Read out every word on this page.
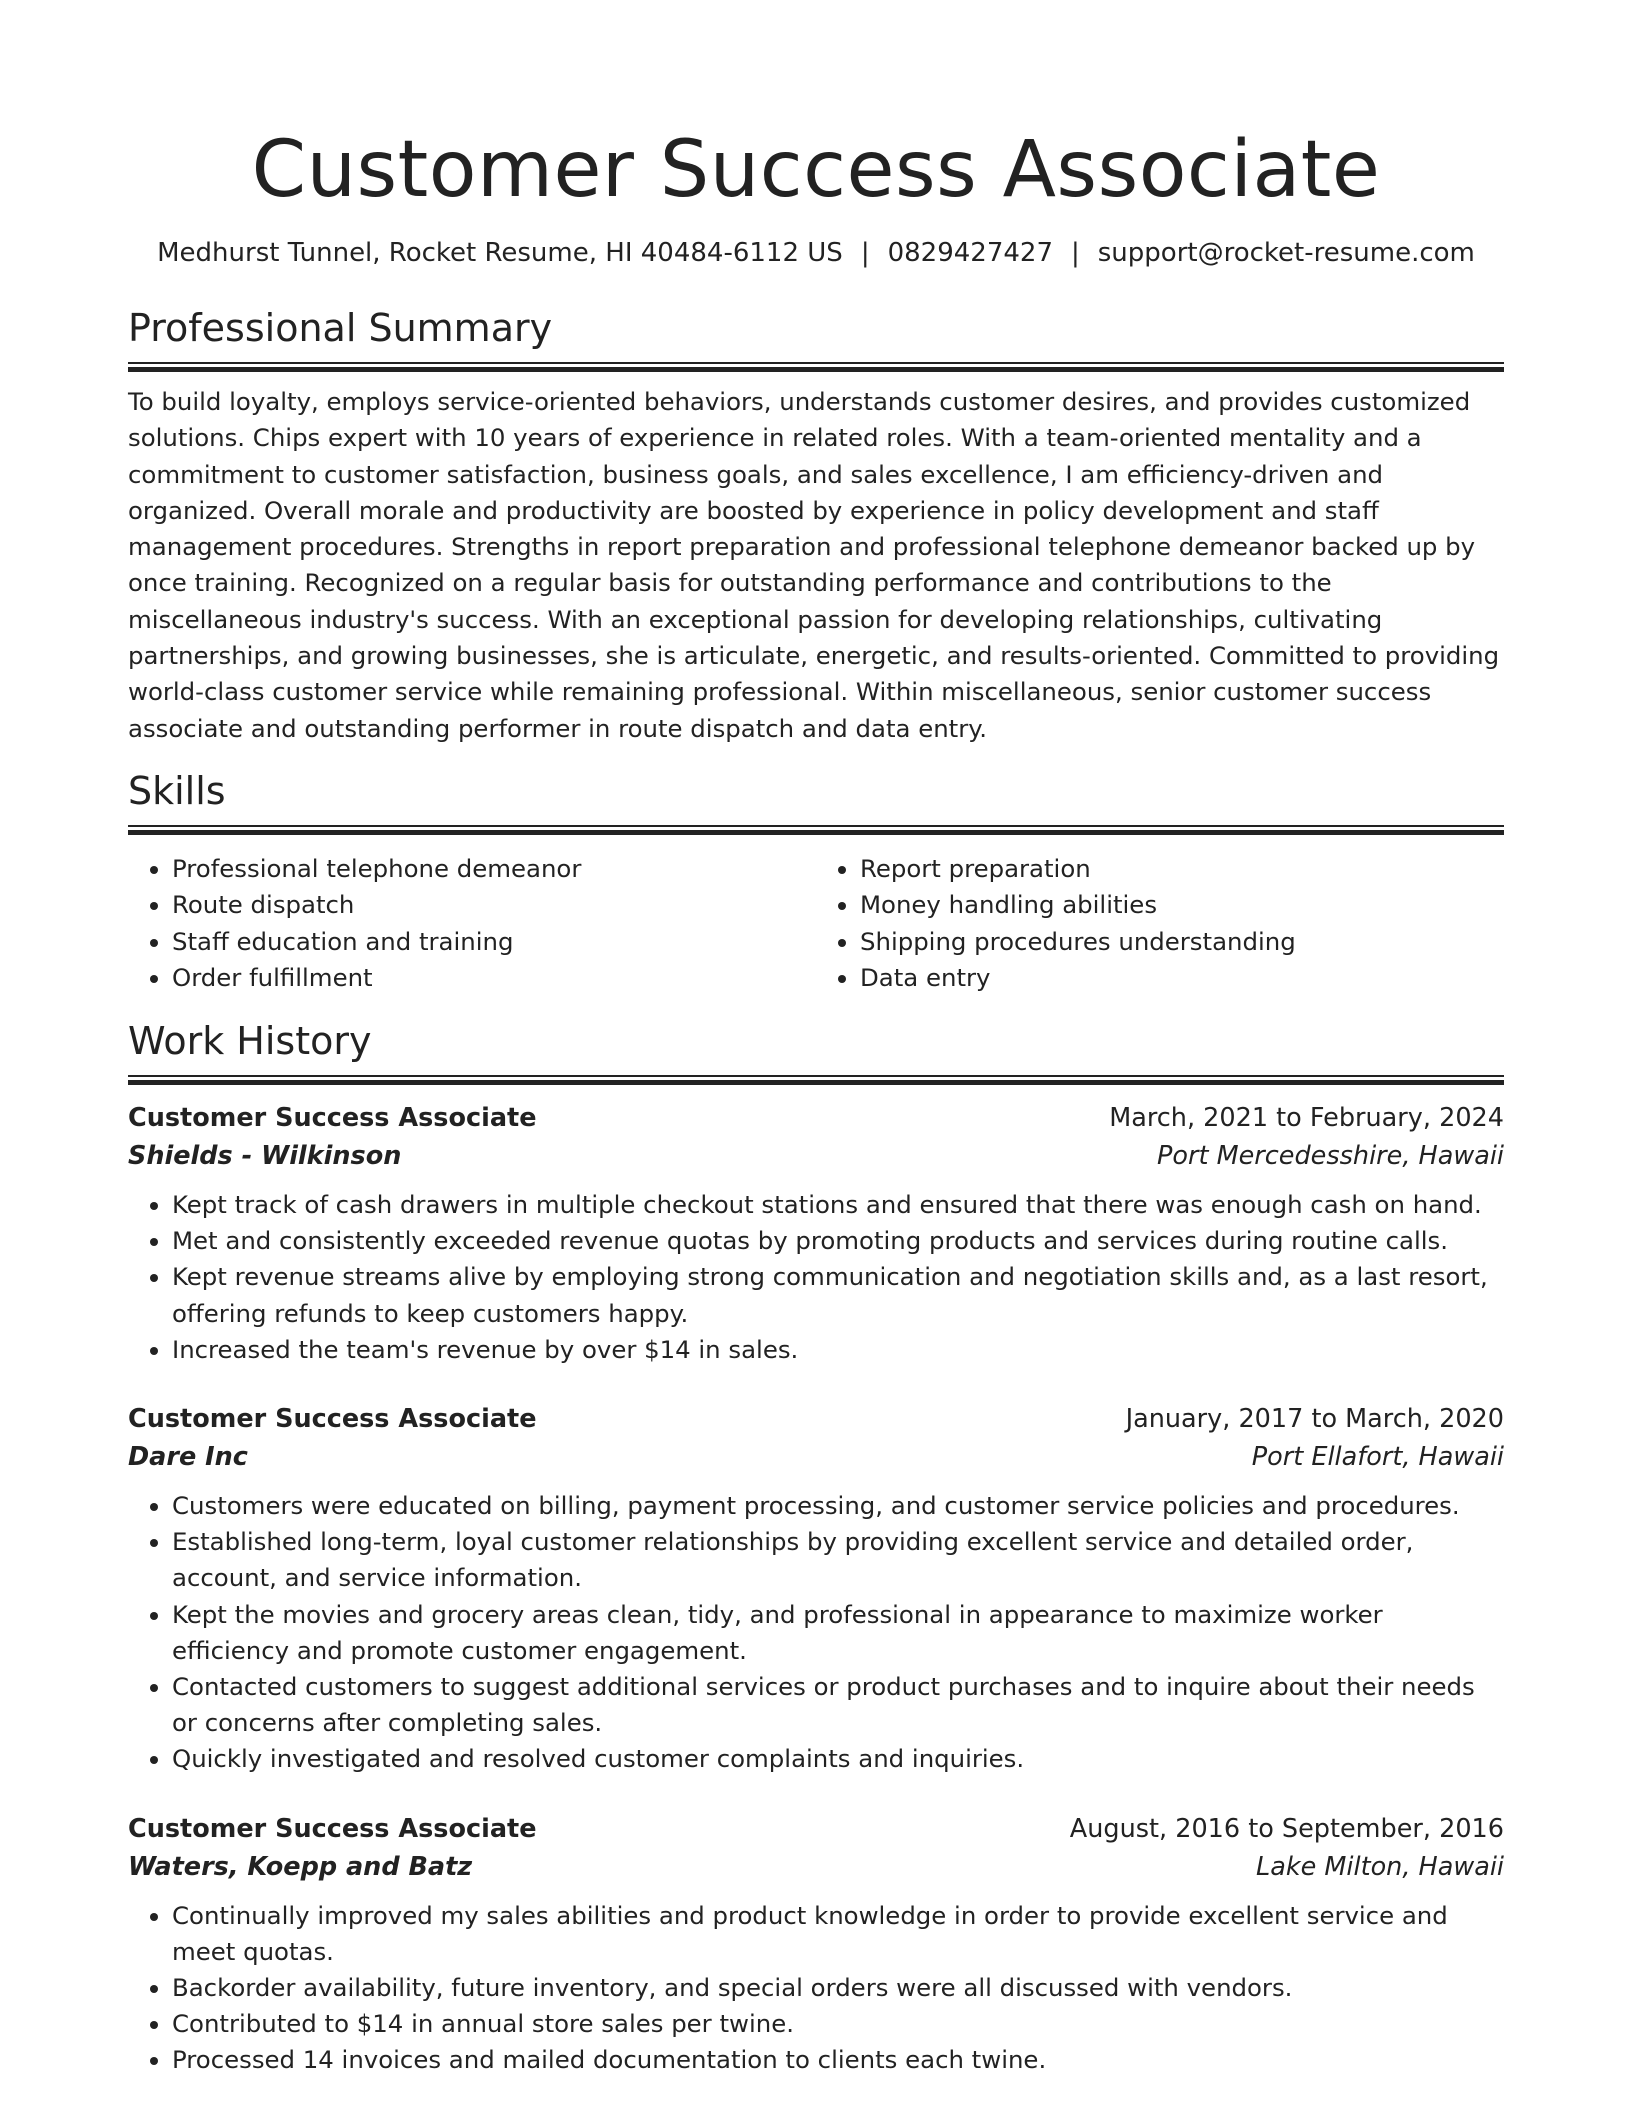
Customer Success Associate
Medhurst Tunnel, Rocket Resume, HI 40484-6112 US | 0829427427 | support@rocket-resume.com
Professional Summary

To build loyalty, employs service-oriented behaviors, understands customer desires, and provides customized solutions. Chips expert with 10 years of experience in related roles. With a team-oriented mentality and a commitment to customer satisfaction, business goals, and sales excellence, I am efficiency-driven and organized. Overall morale and productivity are boosted by experience in policy development and staff management procedures. Strengths in report preparation and professional telephone demeanor backed up by once training. Recognized on a regular basis for outstanding performance and contributions to the miscellaneous industry's success. With an exceptional passion for developing relationships, cultivating partnerships, and growing businesses, she is articulate, energetic, and results-oriented. Committed to providing world-class customer service while remaining professional. Within miscellaneous, senior customer success associate and outstanding performer in route dispatch and data entry.

Skills
• Professional telephone demeanor
• Route dispatch
• Staff education and training
• Order fulfillment
• Report preparation
• Money handling abilities
• Shipping procedures understanding
• Data entry
Work History
Customer Success Associate	March, 2021 to February, 2024
Shields - Wilkinson	Port Mercedesshire, Hawaii
• Kept track of cash drawers in multiple checkout stations and ensured that there was enough cash on hand.
• Met and consistently exceeded revenue quotas by promoting products and services during routine calls.
• Kept revenue streams alive by employing strong communication and negotiation skills and, as a last resort, offering refunds to keep customers happy.
• Increased the team's revenue by over $14 in sales.
Customer Success Associate	January, 2017 to March, 2020
Dare Inc	Port Ellafort, Hawaii
• Customers were educated on billing, payment processing, and customer service policies and procedures.
• Established long-term, loyal customer relationships by providing excellent service and detailed order, account, and service information.
• Kept the movies and grocery areas clean, tidy, and professional in appearance to maximize worker efficiency and promote customer engagement.
• Contacted customers to suggest additional services or product purchases and to inquire about their needs or concerns after completing sales.
• Quickly investigated and resolved customer complaints and inquiries.
Customer Success Associate	August, 2016 to September, 2016
Waters, Koepp and Batz	Lake Milton, Hawaii
• Continually improved my sales abilities and product knowledge in order to provide excellent service and meet quotas.
• Backorder availability, future inventory, and special orders were all discussed with vendors.
• Contributed to $14 in annual store sales per twine.
• Processed 14 invoices and mailed documentation to clients each twine.
